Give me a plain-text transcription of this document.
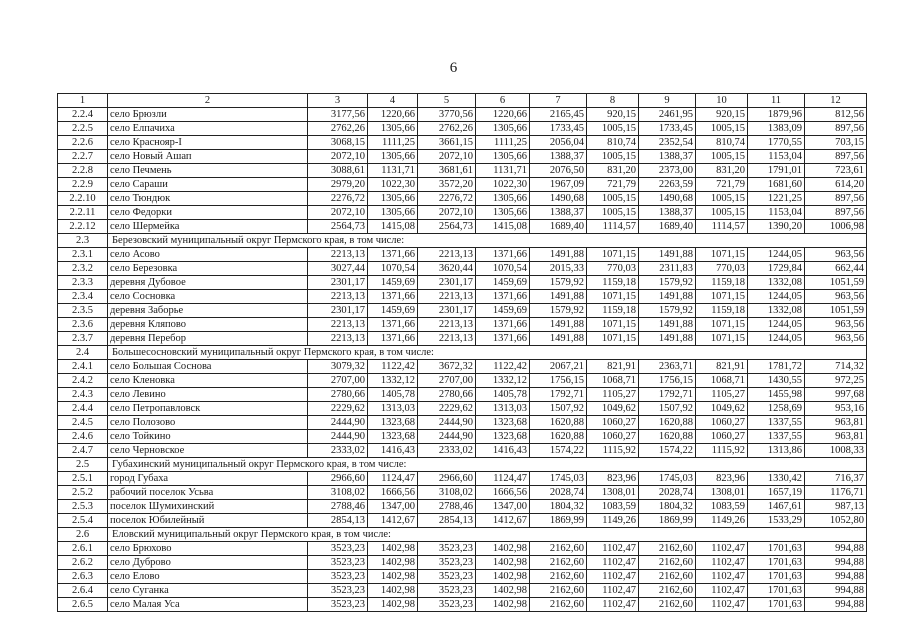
6
1	2	3	4	5	6	7	8	9	10	11	12
2.2.4	село Брюзли	3177,56	1220,66	3770,56	1220,66	2165,45	920,15	2461,95	920,15	1879,96	812,56
2.2.5	село Елпачиха	2762,26	1305,66	2762,26	1305,66	1733,45	1005,15	1733,45	1005,15	1383,09	897,56
2.2.6	село Краснояр-I	3068,15	1111,25	3661,15	1111,25	2056,04	810,74	2352,54	810,74	1770,55	703,15
2.2.7	село Новый Ашап	2072,10	1305,66	2072,10	1305,66	1388,37	1005,15	1388,37	1005,15	1153,04	897,56
2.2.8	село Печмень	3088,61	1131,71	3681,61	1131,71	2076,50	831,20	2373,00	831,20	1791,01	723,61
2.2.9	село Сараши	2979,20	1022,30	3572,20	1022,30	1967,09	721,79	2263,59	721,79	1681,60	614,20
2.2.10	село Тюндюк	2276,72	1305,66	2276,72	1305,66	1490,68	1005,15	1490,68	1005,15	1221,25	897,56
2.2.11	село Федорки	2072,10	1305,66	2072,10	1305,66	1388,37	1005,15	1388,37	1005,15	1153,04	897,56
2.2.12	село Шермейка	2564,73	1415,08	2564,73	1415,08	1689,40	1114,57	1689,40	1114,57	1390,20	1006,98
2.3	Березовский муниципальный округ Пермского края, в том числе:										
2.3.1	село Асово	2213,13	1371,66	2213,13	1371,66	1491,88	1071,15	1491,88	1071,15	1244,05	963,56
2.3.2	село Березовка	3027,44	1070,54	3620,44	1070,54	2015,33	770,03	2311,83	770,03	1729,84	662,44
2.3.3	деревня Дубовое	2301,17	1459,69	2301,17	1459,69	1579,92	1159,18	1579,92	1159,18	1332,08	1051,59
2.3.4	село Сосновка	2213,13	1371,66	2213,13	1371,66	1491,88	1071,15	1491,88	1071,15	1244,05	963,56
2.3.5	деревня Заборье	2301,17	1459,69	2301,17	1459,69	1579,92	1159,18	1579,92	1159,18	1332,08	1051,59
2.3.6	деревня Кляпово	2213,13	1371,66	2213,13	1371,66	1491,88	1071,15	1491,88	1071,15	1244,05	963,56
2.3.7	деревня Перебор	2213,13	1371,66	2213,13	1371,66	1491,88	1071,15	1491,88	1071,15	1244,05	963,56
2.4	Большесосновский муниципальный округ Пермского края, в том числе:										
2.4.1	село Большая Соснова	3079,32	1122,42	3672,32	1122,42	2067,21	821,91	2363,71	821,91	1781,72	714,32
2.4.2	село Кленовка	2707,00	1332,12	2707,00	1332,12	1756,15	1068,71	1756,15	1068,71	1430,55	972,25
2.4.3	село Левино	2780,66	1405,78	2780,66	1405,78	1792,71	1105,27	1792,71	1105,27	1455,98	997,68
2.4.4	село Петропавловск	2229,62	1313,03	2229,62	1313,03	1507,92	1049,62	1507,92	1049,62	1258,69	953,16
2.4.5	село Полозово	2444,90	1323,68	2444,90	1323,68	1620,88	1060,27	1620,88	1060,27	1337,55	963,81
2.4.6	село Тойкино	2444,90	1323,68	2444,90	1323,68	1620,88	1060,27	1620,88	1060,27	1337,55	963,81
2.4.7	село Черновское	2333,02	1416,43	2333,02	1416,43	1574,22	1115,92	1574,22	1115,92	1313,86	1008,33
2.5	Губахинский муниципальный округ Пермского края, в том числе:										
2.5.1	город Губаха	2966,60	1124,47	2966,60	1124,47	1745,03	823,96	1745,03	823,96	1330,42	716,37
2.5.2	рабочий поселок Усьва	3108,02	1666,56	3108,02	1666,56	2028,74	1308,01	2028,74	1308,01	1657,19	1176,71
2.5.3	поселок Шумихинский	2788,46	1347,00	2788,46	1347,00	1804,32	1083,59	1804,32	1083,59	1467,61	987,13
2.5.4	поселок Юбилейный	2854,13	1412,67	2854,13	1412,67	1869,99	1149,26	1869,99	1149,26	1533,29	1052,80
2.6	Еловский муниципальный округ Пермского края, в том числе:										
2.6.1	село Брюхово	3523,23	1402,98	3523,23	1402,98	2162,60	1102,47	2162,60	1102,47	1701,63	994,88
2.6.2	село Дуброво	3523,23	1402,98	3523,23	1402,98	2162,60	1102,47	2162,60	1102,47	1701,63	994,88
2.6.3	село Елово	3523,23	1402,98	3523,23	1402,98	2162,60	1102,47	2162,60	1102,47	1701,63	994,88
2.6.4	село Суганка	3523,23	1402,98	3523,23	1402,98	2162,60	1102,47	2162,60	1102,47	1701,63	994,88
2.6.5	село Малая Уса	3523,23	1402,98	3523,23	1402,98	2162,60	1102,47	2162,60	1102,47	1701,63	994,88
